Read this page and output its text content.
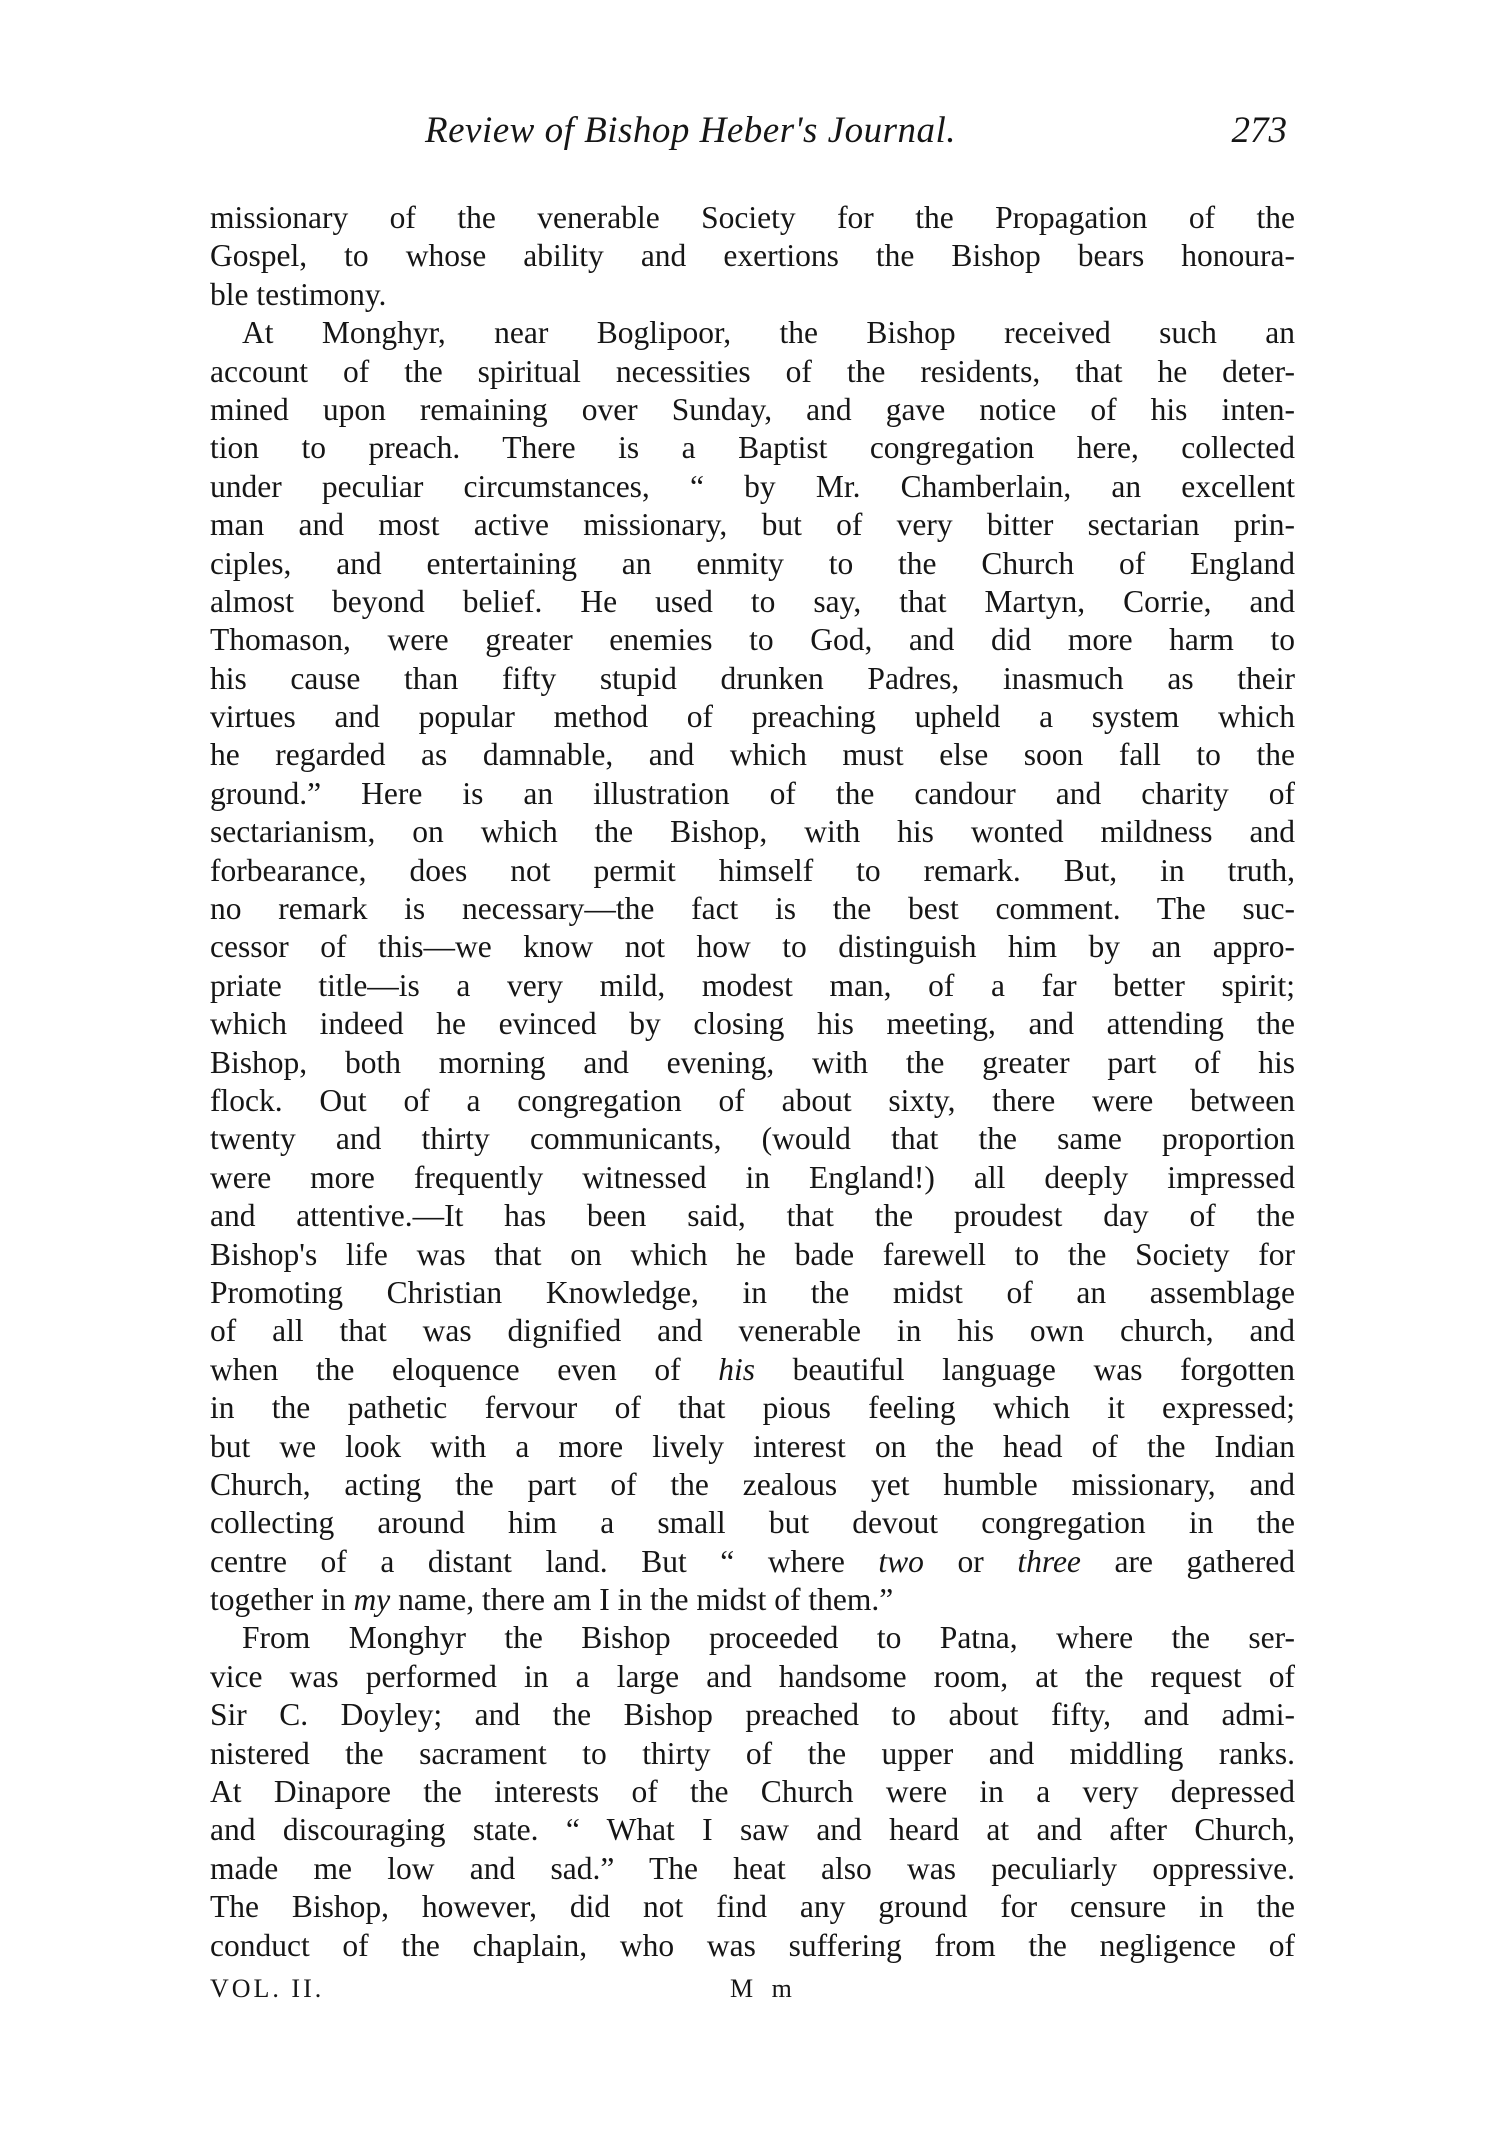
Review of Bishop Heber's Journal.	273
missionary of the venerable Society for the Propagation of the
Gospel, to whose ability and exertions the Bishop bears honoura-
ble testimony.
At Monghyr, near Boglipoor, the Bishop received such an
account of the spiritual necessities of the residents, that he deter-
mined upon remaining over Sunday, and gave notice of his inten-
tion to preach. There is a Baptist congregation here, collected
under peculiar circumstances, “ by Mr. Chamberlain, an excellent
man and most active missionary, but of very bitter sectarian prin-
ciples, and entertaining an enmity to the Church of England
almost beyond belief. He used to say, that Martyn, Corrie, and
Thomason, were greater enemies to God, and did more harm to
his cause than fifty stupid drunken Padres, inasmuch as their
virtues and popular method of preaching upheld a system which
he regarded as damnable, and which must else soon fall to the
ground.” Here is an illustration of the candour and charity of
sectarianism, on which the Bishop, with his wonted mildness and
forbearance, does not permit himself to remark. But, in truth,
no remark is necessary—the fact is the best comment. The suc-
cessor of this—we know not how to distinguish him by an appro-
priate title—is a very mild, modest man, of a far better spirit;
which indeed he evinced by closing his meeting, and attending the
Bishop, both morning and evening, with the greater part of his
flock. Out of a congregation of about sixty, there were between
twenty and thirty communicants, (would that the same proportion
were more frequently witnessed in England!) all deeply impressed
and attentive.—It has been said, that the proudest day of the
Bishop's life was that on which he bade farewell to the Society for
Promoting Christian Knowledge, in the midst of an assemblage
of all that was dignified and venerable in his own church, and
when the eloquence even of his beautiful language was forgotten
in the pathetic fervour of that pious feeling which it expressed;
but we look with a more lively interest on the head of the Indian
Church, acting the part of the zealous yet humble missionary, and
collecting around him a small but devout congregation in the
centre of a distant land. But “ where two or three are gathered
together in my name, there am I in the midst of them.”
From Monghyr the Bishop proceeded to Patna, where the ser-
vice was performed in a large and handsome room, at the request of
Sir C. Doyley; and the Bishop preached to about fifty, and admi-
nistered the sacrament to thirty of the upper and middling ranks.
At Dinapore the interests of the Church were in a very depressed
and discouraging state. “ What I saw and heard at and after Church,
made me low and sad.” The heat also was peculiarly oppressive.
The Bishop, however, did not find any ground for censure in the
conduct of the chaplain, who was suffering from the negligence of
VOL. II.	M m
